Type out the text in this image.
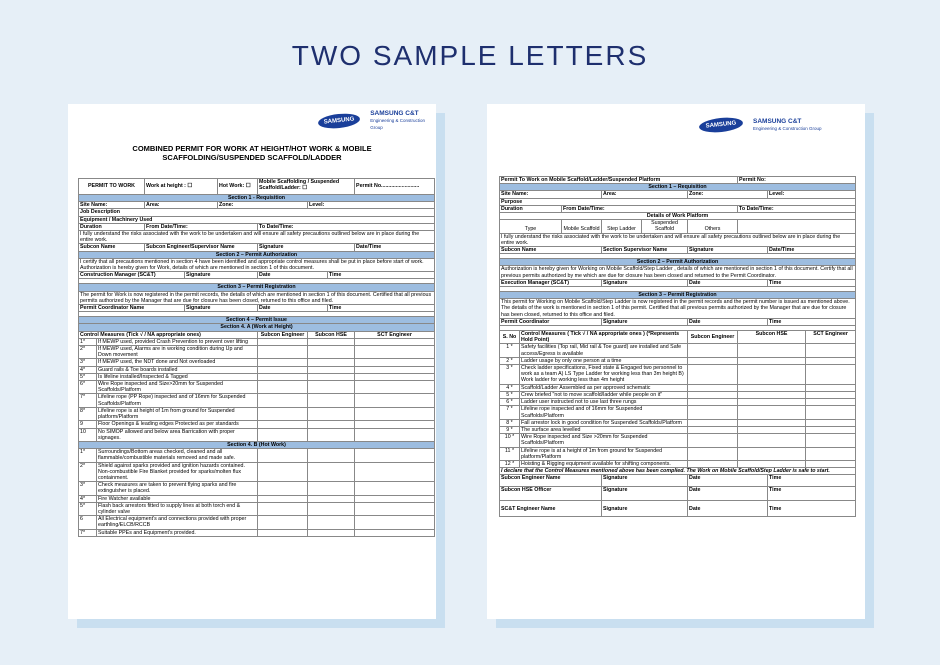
TWO SAMPLE LETTERS
SAMSUNG
SAMSUNG C&T
Engineering & Construction Group
COMBINED PERMIT FOR WORK AT HEIGHT/HOT WORK & MOBILE
SCAFFOLDING/SUSPENDED SCAFFOLD/LADDER
PERMIT TO WORK		Work at height : ☐		Hot Work: ☐	Mobile Scaffolding / Suspended Scaffold/Ladder: ☐			Permit No..........................
Section 1 - Requisition								
Site Name:		Area:		Zone:		Level:		
Job Description								
Equipment / Machinery Used								
Duration		From Date/Time:			To Date/Time:			
I fully understand the risks associated with the work to be undertaken and will ensure all safety precautions outlined below are in place during the entire work.								
Subcon Name		Subcon Engineer/Supervisor Name			Signature			Date/Time
Section 2 – Permit Authorization								
I certify that all precautions mentioned in section 4 have been identified and appropriate control measures shall be put in place before start of work. Authorization is hereby given for Work, details of which are mentioned in section 1 of this document.								
Construction Manager (SC&T)			Signature		Date		Time	

Section 3 – Permit Registration								
The permit for Work is now registered in the permit records, the details of which are mentioned in section 1 of this document. Certified that all previous permits authorized by the Manager that are due for closure has been closed, returned to this office and filed.								
Permit Coordinator Name			Signature		Date		Time	

Section 4 – Permit Issue								
Section 4. A (Work at Height)								
Control Measures (Tick √ / NA appropriate ones)					Subcon Engineer	Subcon HSE		SCT Engineer
1*	If MEWP used, provided Crash Prevention to prevent over lifting							
2*	If MEWP used, Alarms are in working condition during Up and Down movement							
3*	If MEWP used, the NDT done and Not overloaded							
4*	Guard rails & Toe boards installed							
5*	Is lifeline installed/Inspected & Tagged							
6*	Wire Rope inspected and Size>20mm for Suspended Scaffolds/Platform							
7*	Lifeline rope (PP Rope) inspected and of 16mm for Suspended Scaffolds/Platform							
8*	Lifeline rope is at height of 1m from ground for Suspended platform/Platform							
9	Floor Openings & leading edges Protected as per standards							
10	No SIMOP allowed and below area Barrication with proper signages.							
Section 4. B (Hot Work)								
1*	Surroundings/Bottom areas checked, cleaned and all flammable/combustible materials removed and made safe.							
2*	Shield against sparks provided and ignition hazards contained. Non-combustible Fire Blanket provided for sparks/molten flux containment.							
3*	Check measures are taken to prevent flying sparks and fire extinguisher is placed.							
4*	Fire Watcher available							
5*	Flash back arrestors fitted to supply lines at both torch end & cylinder valve							
6	All Electrical equipment's and connections provided with proper earthling/ELCB/RCCB							
7*	Suitable PPEs and Equipment's provided.							
SAMSUNG	SAMSUNG C&T
Engineering & Construction Group
Permit To Work on Mobile Scaffold/Ladder/Suspended Platform						Permit No:		
Section 1 – Requisition								
Site Name:			Area:		Zone:		Level:	
Purpose								
Duration		From Date/Time:				To Date/Time:		
Details of Work Platform								
Type		Mobile Scaffold	Step Ladder	Suspended Scaffold	Others			
I fully understand the risks associated with the work to be undertaken and will ensure all safety precautions outlined below are in place during the entire work.								
Subcon Name			Section Supervisor Name		Signature		Date/Time	

Section 2 – Permit Authorization								
Authorization is hereby given for Working on Mobile Scaffold/Step Ladder , details of which are mentioned in section 1 of this document. Certify that all previous permits authorized by me which are due for closure has been closed and returned to the Permit Coordinator.								
Execution Manager (SC&T)			Signature		Date		Time	

Section 3 – Permit Registration								
This permit for Working on Mobile Scaffold/Step Ladder is now registered in the permit records and the permit number is issued as mentioned above. The details of the work is mentioned in section 1 of this permit. Certified that all previous permits authorized by the Manager that are due for closure has been closed, returned to this office and filed.								
Permit Coordinator			Signature		Date		Time	

S. No	Control Measures ( Tick √ / NA appropriate ones ) (*Represents Hold Point)				Subcon Engineer	Subcon HSE		SCT Engineer
1 *	Safety facilities (Top rail, Mid rail & Toe guard) are installed and Safe access/Egress is available							
2 *	Ladder usage by only one person at a time							
3 *	Check ladder specifications, Fixed state & Engaged two personnel to work as a team A) LS Type Ladder for working less than 3m height B) Work ladder for working less than 4m height							
4 *	Scaffold/Ladder Assembled as per approved schematic							
5 *	Crew briefed "not to move scaffold/ladder while people on it"							
6 *	Ladder user instructed not to use last three rungs							
7 *	Lifeline rope inspected and of 16mm for Suspended Scaffolds/Platform							
8 *	Fall arrestor lock in good condition for Suspended Scaffolds/Platform							
9 *	The surface area levelled							
10 *	Wire Rope inspected and Size >20mm for Suspended Scaffolds/Platform							
11 *	Lifeline rope is at a height of 1m from ground for Suspended platform/Platform							
12 *	Hoisting & Rigging equipment available for shifting components.							
I declare that the Control Measures mentioned above has been complied. The Work on Mobile Scaffold/Step Ladder is safe to start.								
Subcon Engineer Name			Signature		Date		Time	
Subcon HSE Officer			Signature		Date		Time	
SC&T Engineer Name			Signature		Date		Time	
